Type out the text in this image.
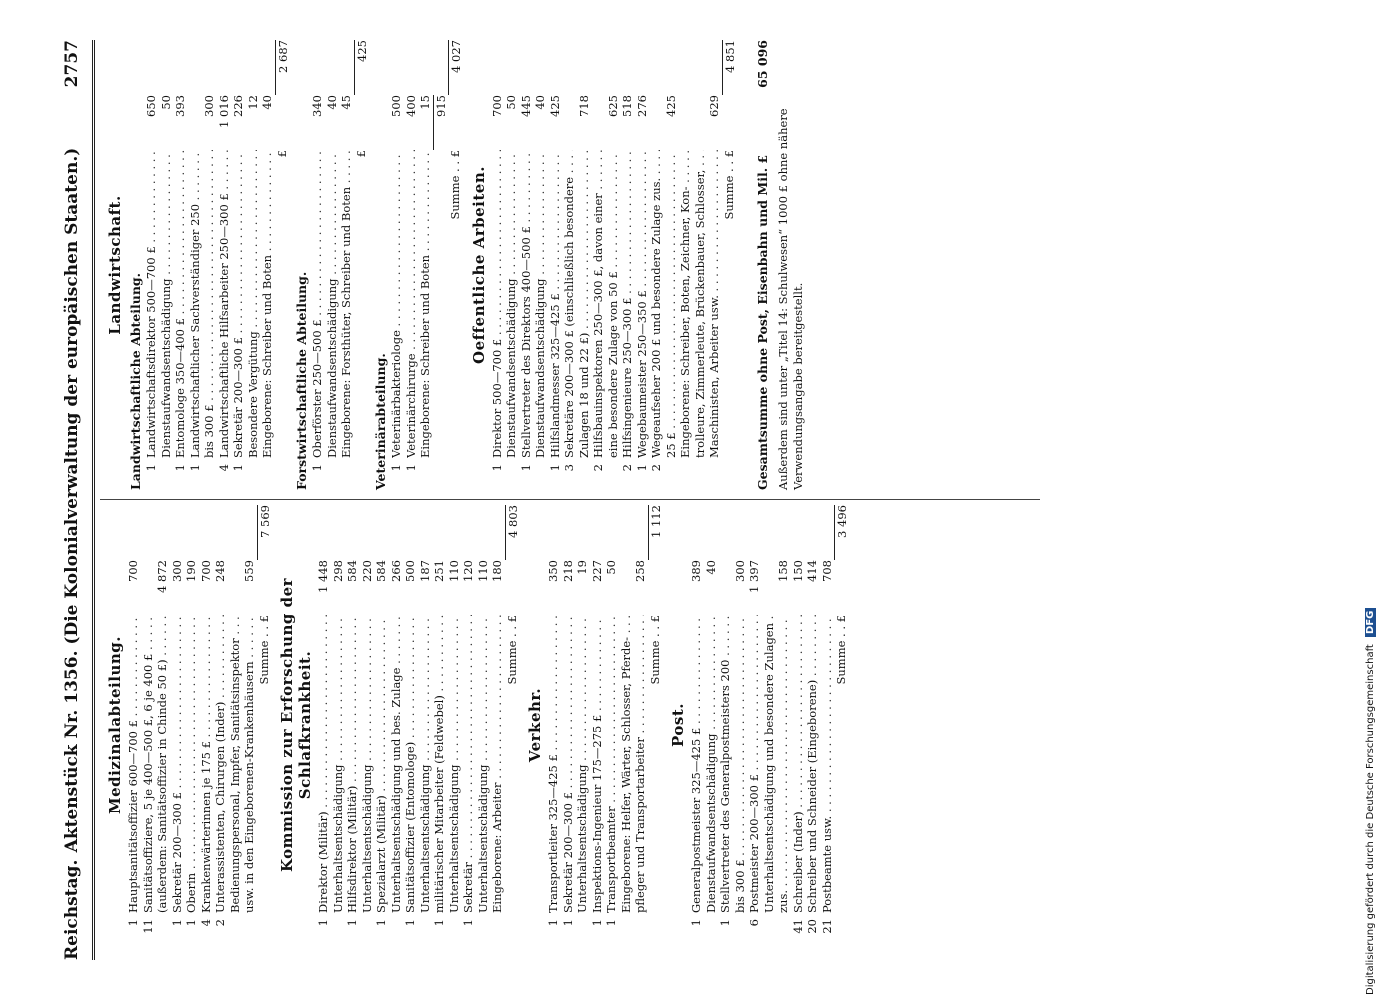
Reichstag.
Aktenstück Nr. 1356. (Die Kolonialverwaltung der europäischen Staaten.)
2757
Medizinalabteilung.
1
Hauptsanitätsoffizier 600—700 £ . . .
700
11
Sanitätsoffiziere, 5 je 400—500 £, 6 je 400 £ . . . (außerdem: Sanitätsoffizier in Chinde 50 £) . . .
4 872
1
Sekretär 200—300 £ . . .
300
1
Oberin . . .
190
4
Krankenwärterinnen je 175 £ . . .
700
2
Unterassistenten, Chirurgen (Inder) . . .
248
Bedienungspersonal, Impfer, Sanitätsinspektor . . . usw. in den Eingeborenen-Krankenhäusern . . .
559
Summe . . £
7 569
Kommission zur Erforschung der Schlafkrankheit.
1
Direktor (Militär) . . .
1 448
Unterhaltsentschädigung . . .
298
1
Hilfsdirektor (Militär) . . .
584
Unterhaltsentschädigung . . .
220
1
Spezialarzt (Militär) . . .
584
Unterhaltsentschädigung und bes. Zulage . . .
266
1
Sanitätsoffizier (Entomologe) . . .
500
Unterhaltsentschädigung . . .
187
1
militärischer Mitarbeiter (Feldwebel) . . .
251
Unterhaltsentschädigung . . .
110
1
Sekretär . . .
120
Unterhaltsentschädigung . . .
110
Eingeborene: Arbeiter . . .
180
Summe . . £
4 803
Verkehr.
1
Transportleiter 325—425 £ . . .
350
1
Sekretär 200—300 £ . . .
218
Unterhaltsentschädigung . . .
19
1
Inspektions-Ingenieur 175—275 £ . . .
227
1
Transportbeamter . . .
50
Eingeborene: Helfer, Wärter, Schlosser, Pferde- . . . pfleger und Transportarbeiter . . .
258
Summe . . £
1 112
Post.
1
Generalpostmeister 325—425 £ . . .
389
Dienstaufwandsentschädigung . . .
40
1
Stellvertreter des Generalpostmeisters 200 . . . bis 300 £ . . .
300
6
Postmeister 200—300 £ . . .
1 397
Unterhaltsentschädigung und besondere Zulagen . . . zus. . . .
158
41
Schreiber (Inder) . . .
150
20
Schreiber und Schneider (Eingeborene) . . .
414
21
Postbeamte usw. . . .
708
Summe . . £
3 496
Landwirtschaft.
Landwirtschaftliche Abteilung. 1
Landwirtschaftsdirektor 500—700 £ . . .
650
Dienstaufwandsentschädigung . . .
50
1
Entomologe 350—400 £ . . .
393
1
Landwirtschaftlicher Sachverständiger 250 . . . bis 300 £ . . .
300
4
Landwirtschaftliche Hilfsarbeiter 250—300 £ . . .
1 016
1
Sekretär 200—300 £ . . .
226
Besondere Vergütung . . .
12
Eingeborene: Schreiber und Boten . . .
40
£
2 687
Forstwirtschaftliche Abteilung. 1
Oberförster 250—500 £ . . .
340
Dienstaufwandsentschädigung . . .
40
Eingeborene: Forsthüter, Schreiber und Boten . . .
45
£
425
Veterinärabteilung. 1
Veterinärbakteriologe . . .
500
1
Veterinärchirurge . . .
400
Eingeborene: Schreiber und Boten . . .
15 915
Summe . . £
4 027
Oeffentliche Arbeiten.
1
Direktor 500—700 £ . . .
700
Dienstaufwandsentschädigung . . .
50
1
Stellvertreter des Direktors 400—500 £ . . .
445
Dienstaufwandsentschädigung . . .
40
1
Hilfslandmesser 325—425 £ . . .
425
3
Sekretäre 200—300 £ (einschließlich besondere . . . Zulagen 18 und 22 £) . . .
718
2
Hilfsbauinspektoren 250—300 £, davon einer . . . eine besondere Zulage von 50 £ . . .
625
2
Hilfsingenieure 250—300 £ . . .
518
1
Wegebaumeister 250—350 £ . . .
276
2
Wegeaufseher 200 £ und besondere Zulage zus. . . . 25 £ . . .
425
Eingeborene: Schreiber, Boten, Zeichner, Kon- . . . trolleure, Zimmerleute, Brückenbauer, Schlosser, . . . Maschinisten, Arbeiter usw. . . .
629
Summe . . £
4 851
Gesamtsumme ohne Post, Eisenbahn und Mil. £
65 096
Außerdem sind unter „Titel 14: Schulwesen“ 1000 £ ohne nähere Verwendungsangabe bereitgestellt.
Digitalisierung gefördert durch die Deutsche Forschungsgemeinschaft DFG
